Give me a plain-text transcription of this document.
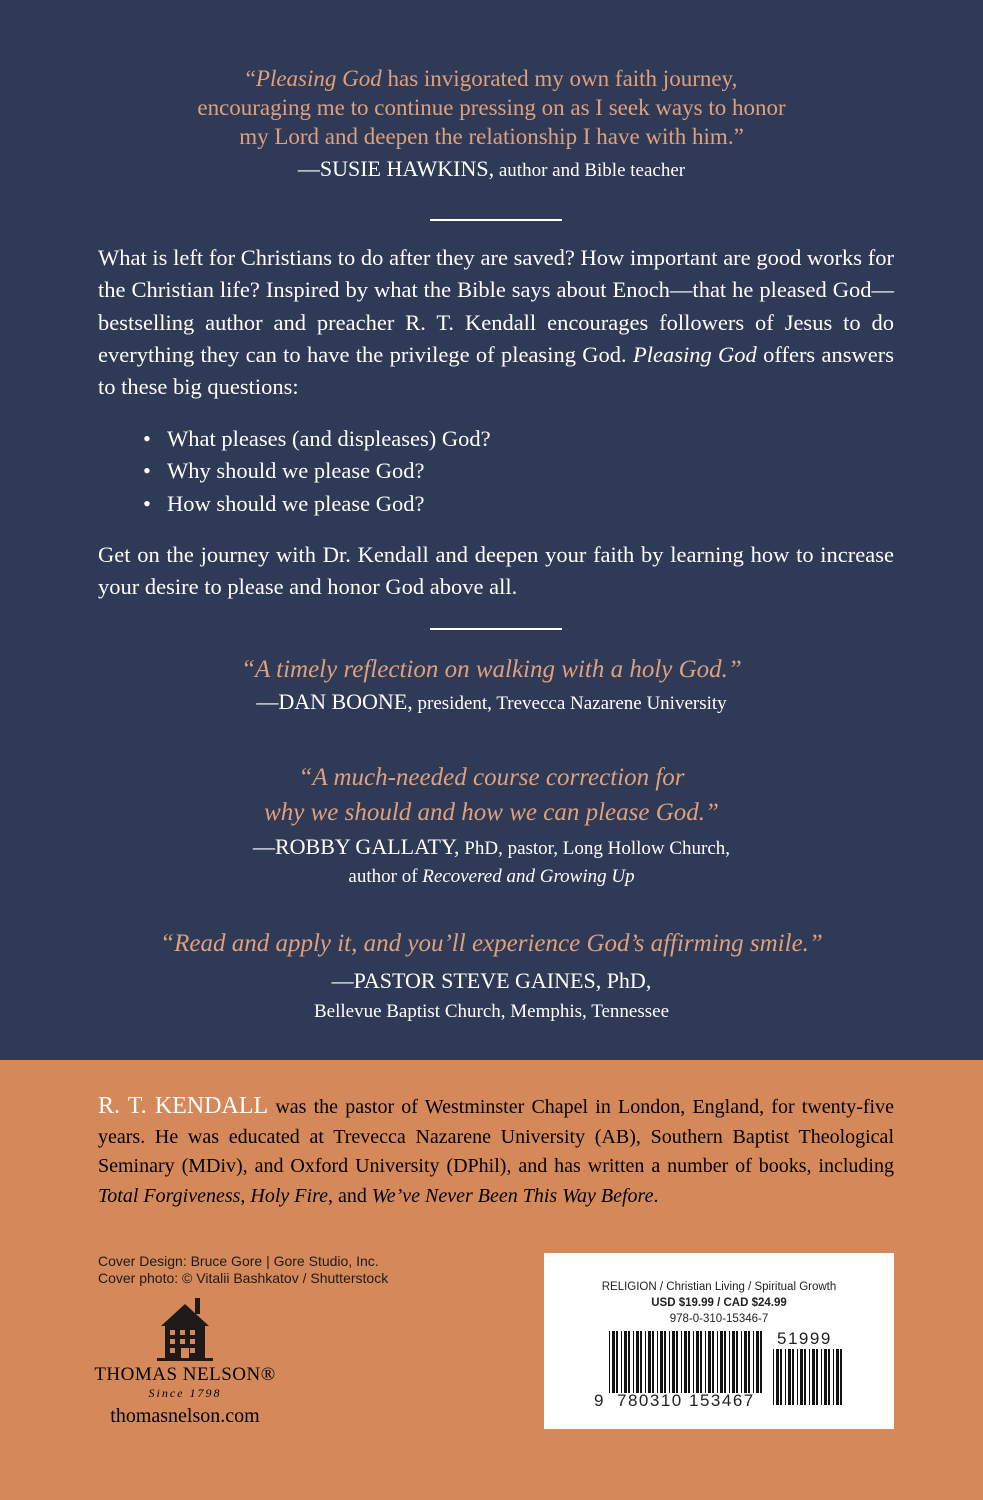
“Pleasing God has invigorated my own faith journey,
encouraging me to continue pressing on as I seek ways to honor
my Lord and deepen the relationship I have with him.”
—SUSIE HAWKINS, author and Bible teacher
What is left for Christians to do after they are saved? How important are good works for the Christian life? Inspired by what the Bible says about Enoch—that he pleased God—bestselling author and preacher R. T. Kendall encourages followers of Jesus to do everything they can to have the privilege of pleasing God. Pleasing God offers answers to these big questions:
• What pleases (and displeases) God?
• Why should we please God?
• How should we please God?
Get on the journey with Dr. Kendall and deepen your faith by learning how to increase your desire to please and honor God above all.
“A timely reflection on walking with a holy God.”
—DAN BOONE, president, Trevecca Nazarene University
“A much-needed course correction for
why we should and how we can please God.”
—ROBBY GALLATY, PhD, pastor, Long Hollow Church,
author of Recovered and Growing Up
“Read and apply it, and you’ll experience God’s affirming smile.”
—PASTOR STEVE GAINES, PhD,
Bellevue Baptist Church, Memphis, Tennessee
R. T. KENDALL was the pastor of Westminster Chapel in London, England, for twenty-five years. He was educated at Trevecca Nazarene University (AB), Southern Baptist Theological Seminary (MDiv), and Oxford University (DPhil), and has written a number of books, including Total Forgiveness, Holy Fire, and We’ve Never Been This Way Before.
Cover Design: Bruce Gore | Gore Studio, Inc.
Cover photo: © Vitalii Bashkatov / Shutterstock
THOMAS NELSON®
Since 1798
thomasnelson.com
RELIGION / Christian Living / Spiritual Growth
USD $19.99 / CAD $24.99
978-0-310-15346-7
51999
9 780310 153467
